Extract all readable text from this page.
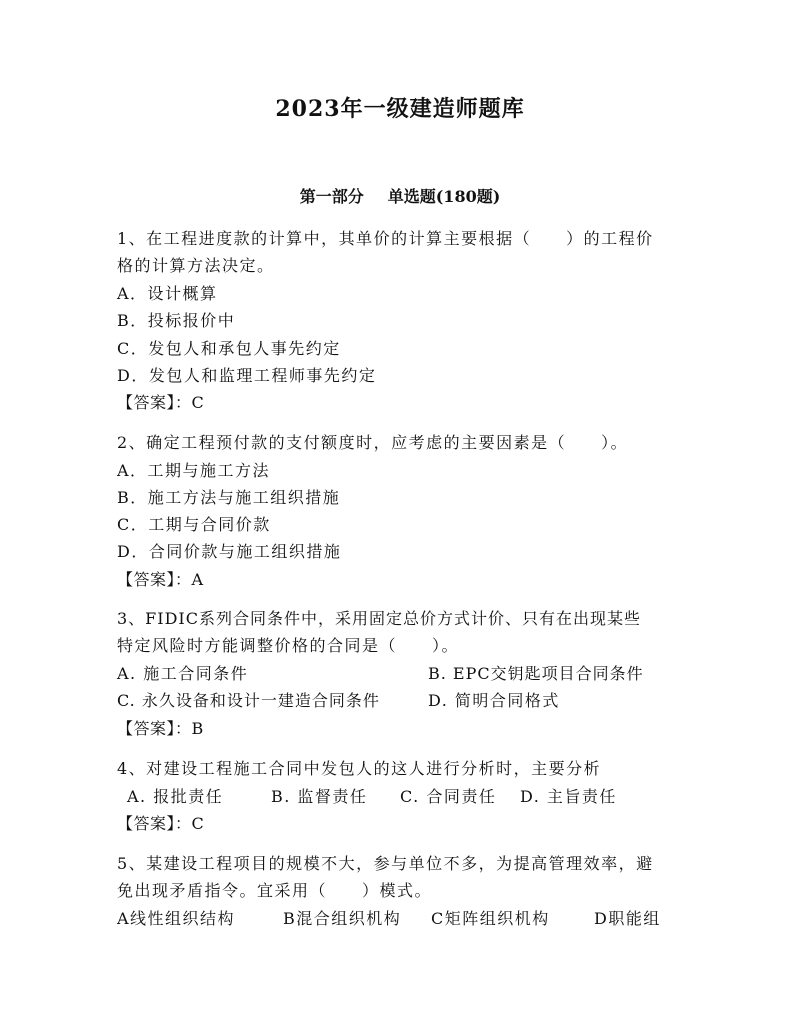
2023年一级建造师题库
第一部分 单选题(180题)
1、在工程进度款的计算中，其单价的计算主要根据（　　）的工程价
格的计算方法决定。
A．设计概算
B．投标报价中
C．发包人和承包人事先约定
D．发包人和监理工程师事先约定
【答案】：C
2、确定工程预付款的支付额度时，应考虑的主要因素是（　　）。
A．工期与施工方法
B．施工方法与施工组织措施
C．工期与合同价款
D．合同价款与施工组织措施
【答案】：A
3、FIDIC系列合同条件中，采用固定总价方式计价、只有在出现某些
特定风险时方能调整价格的合同是（　　）。
A. 施工合同条件	B. EPC交钥匙项目合同条件
C. 永久设备和设计一建造合同条件	D. 简明合同格式
【答案】：B
4、对建设工程施工合同中发包人的这人进行分析时，主要分析
A. 报批责任	B. 监督责任 C. 合同责任 D. 主旨责任
【答案】：C
5、某建设工程项目的规模不大，参与单位不多，为提高管理效率，避
免出现矛盾指令。宜采用（　　）模式。
A线性组织结构	B混合组织机构 C矩阵组织机构	D职能组
